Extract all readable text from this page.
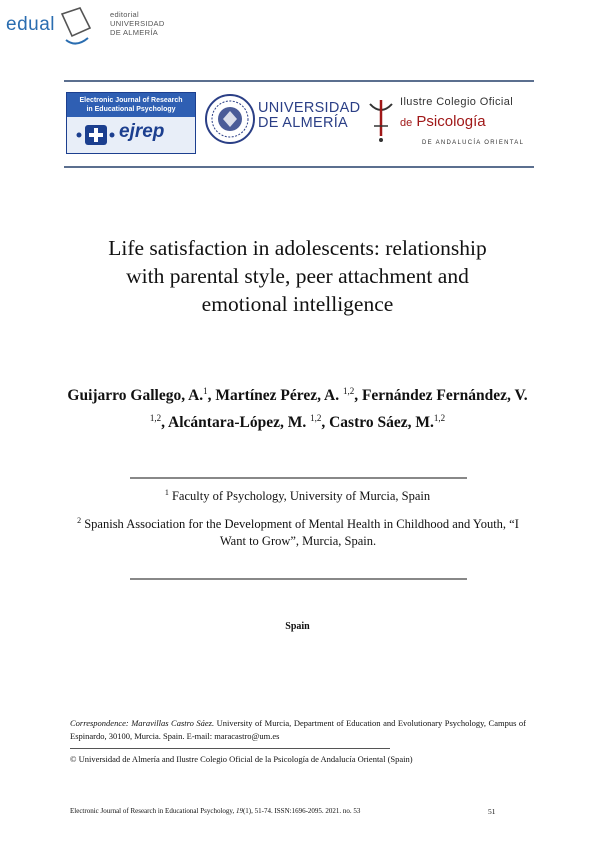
edual	editorial
UNIVERSIDAD
DE ALMERÍA
Electronic Journal of Research
in Educational Psychology
ejrep
UNIVERSIDAD
DE ALMERÍA
Ilustre Colegio Oficial
de Psicología
DE ANDALUCÍA ORIENTAL
Life satisfaction in adolescents: relationship
with parental style, peer attachment and
emotional intelligence
Guijarro Gallego, A.$^1$, Martínez Pérez, A. $^{1,2}$, Fernández Fernández, V. $^{1,2}$, Alcántara-López, M. $^{1,2}$, Castro Sáez, M.$^{1,2}$
$^1$ Faculty of Psychology, University of Murcia, Spain
$^2$ Spanish Association for the Development of Mental Health in Childhood and Youth, “I Want to Grow”, Murcia, Spain.
Spain
Correspondence: Maravillas Castro Sáez. University of Murcia, Department of Education and Evolutionary Psychology, Campus of Espinardo, 30100, Murcia. Spain. E-mail: maracastro@um.es
© Universidad de Almería and Ilustre Colegio Oficial de la Psicología de Andalucía Oriental (Spain)
Electronic Journal of Research in Educational Psychology, 19(1), 51-74. ISSN:1696-2095. 2021. no. 53	51
